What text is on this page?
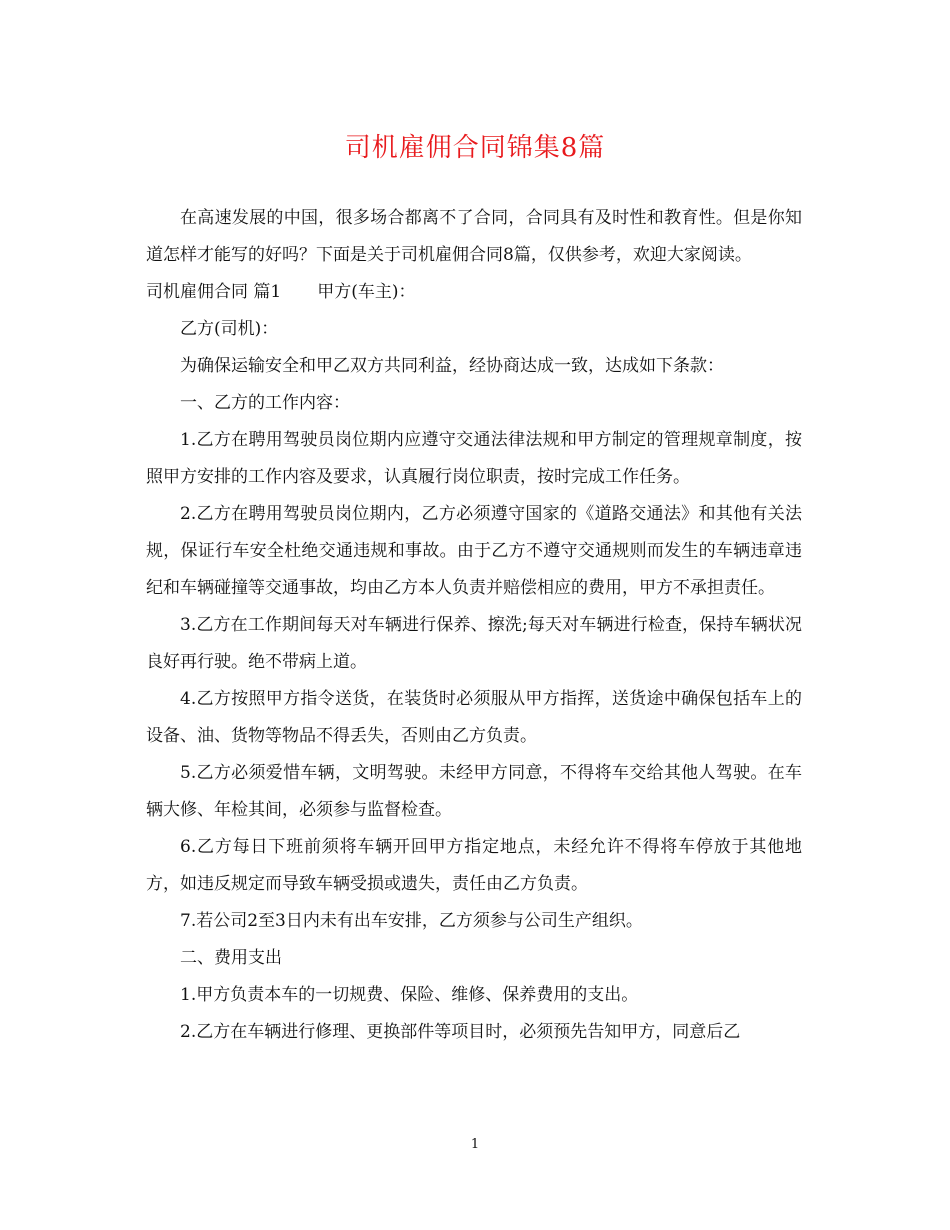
司机雇佣合同锦集8篇

在高速发展的中国，很多场合都离不了合同，合同具有及时性和教育性。但是你知道怎样才能写的好吗？下面是关于司机雇佣合同8篇，仅供参考，欢迎大家阅读。

司机雇佣合同 篇1 甲方(车主)：

乙方(司机)：

为确保运输安全和甲乙双方共同利益，经协商达成一致，达成如下条款：

一、乙方的工作内容：

1.乙方在聘用驾驶员岗位期内应遵守交通法律法规和甲方制定的管理规章制度，按照甲方安排的工作内容及要求，认真履行岗位职责，按时完成工作任务。

2.乙方在聘用驾驶员岗位期内，乙方必须遵守国家的《道路交通法》和其他有关法规，保证行车安全杜绝交通违规和事故。由于乙方不遵守交通规则而发生的车辆违章违纪和车辆碰撞等交通事故，均由乙方本人负责并赔偿相应的费用，甲方不承担责任。

3.乙方在工作期间每天对车辆进行保养、擦洗;每天对车辆进行检查，保持车辆状况良好再行驶。绝不带病上道。

4.乙方按照甲方指令送货，在装货时必须服从甲方指挥，送货途中确保包括车上的设备、油、货物等物品不得丢失，否则由乙方负责。

5.乙方必须爱惜车辆，文明驾驶。未经甲方同意，不得将车交给其他人驾驶。在车辆大修、年检其间，必须参与监督检查。

6.乙方每日下班前须将车辆开回甲方指定地点，未经允许不得将车停放于其他地方，如违反规定而导致车辆受损或遗失，责任由乙方负责。

7.若公司2至3日内未有出车安排，乙方须参与公司生产组织。

二、费用支出

1.甲方负责本车的一切规费、保险、维修、保养费用的支出。

2.乙方在车辆进行修理、更换部件等项目时，必须预先告知甲方，同意后乙

1
